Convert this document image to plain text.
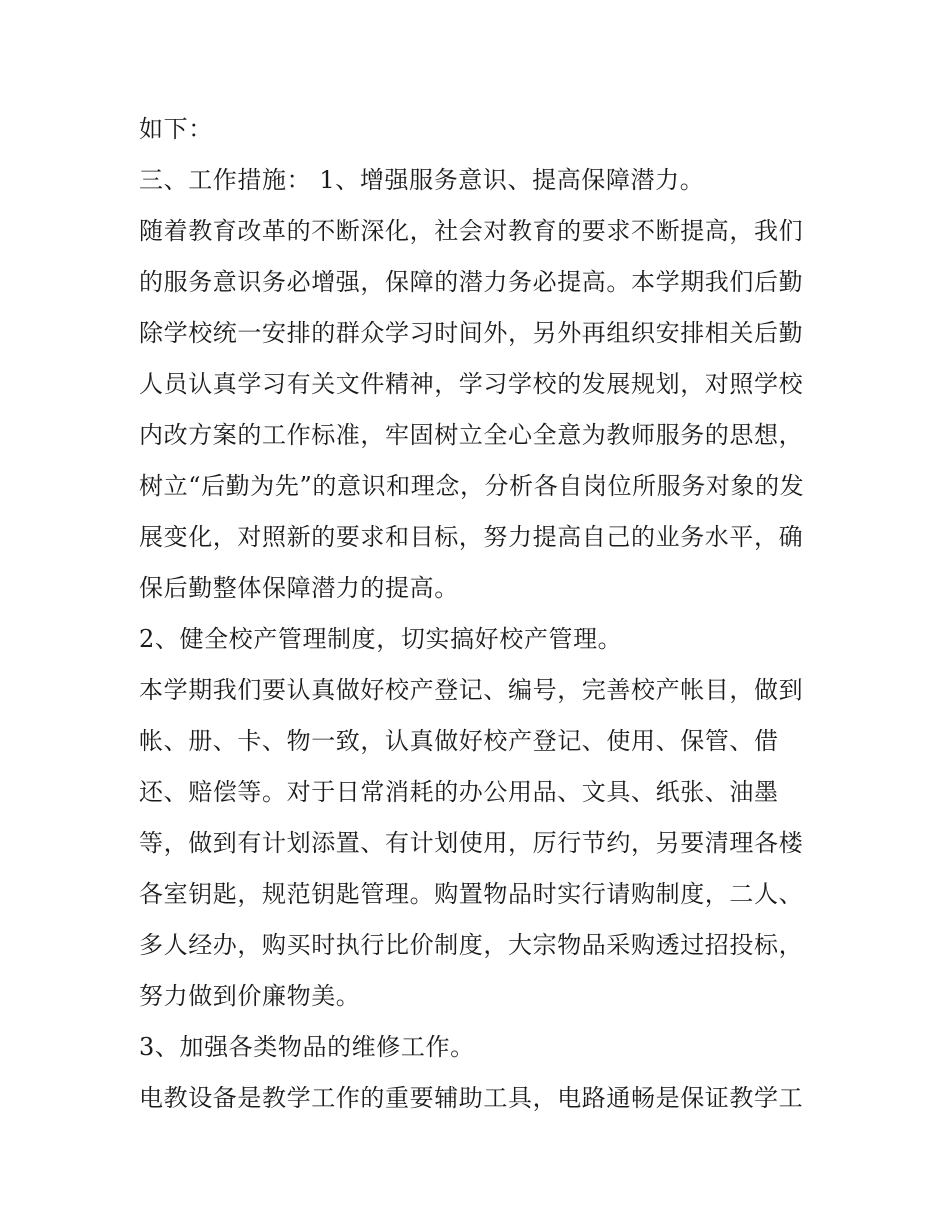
如下：
三、工作措施： 1、增强服务意识、提高保障潜力。
随着教育改革的不断深化，社会对教育的要求不断提高，我们
的服务意识务必增强，保障的潜力务必提高。本学期我们后勤
除学校统一安排的群众学习时间外，另外再组织安排相关后勤
人员认真学习有关文件精神，学习学校的发展规划，对照学校
内改方案的工作标准，牢固树立全心全意为教师服务的思想，
树立“后勤为先”的意识和理念，分析各自岗位所服务对象的发
展变化，对照新的要求和目标，努力提高自己的业务水平，确
保后勤整体保障潜力的提高。
2、健全校产管理制度，切实搞好校产管理。
本学期我们要认真做好校产登记、编号，完善校产帐目，做到
帐、册、卡、物一致，认真做好校产登记、使用、保管、借
还、赔偿等。对于日常消耗的办公用品、文具、纸张、油墨
等，做到有计划添置、有计划使用，厉行节约，另要清理各楼
各室钥匙，规范钥匙管理。购置物品时实行请购制度，二人、
多人经办，购买时执行比价制度，大宗物品采购透过招投标，
努力做到价廉物美。
3、加强各类物品的维修工作。
电教设备是教学工作的重要辅助工具，电路通畅是保证教学工
